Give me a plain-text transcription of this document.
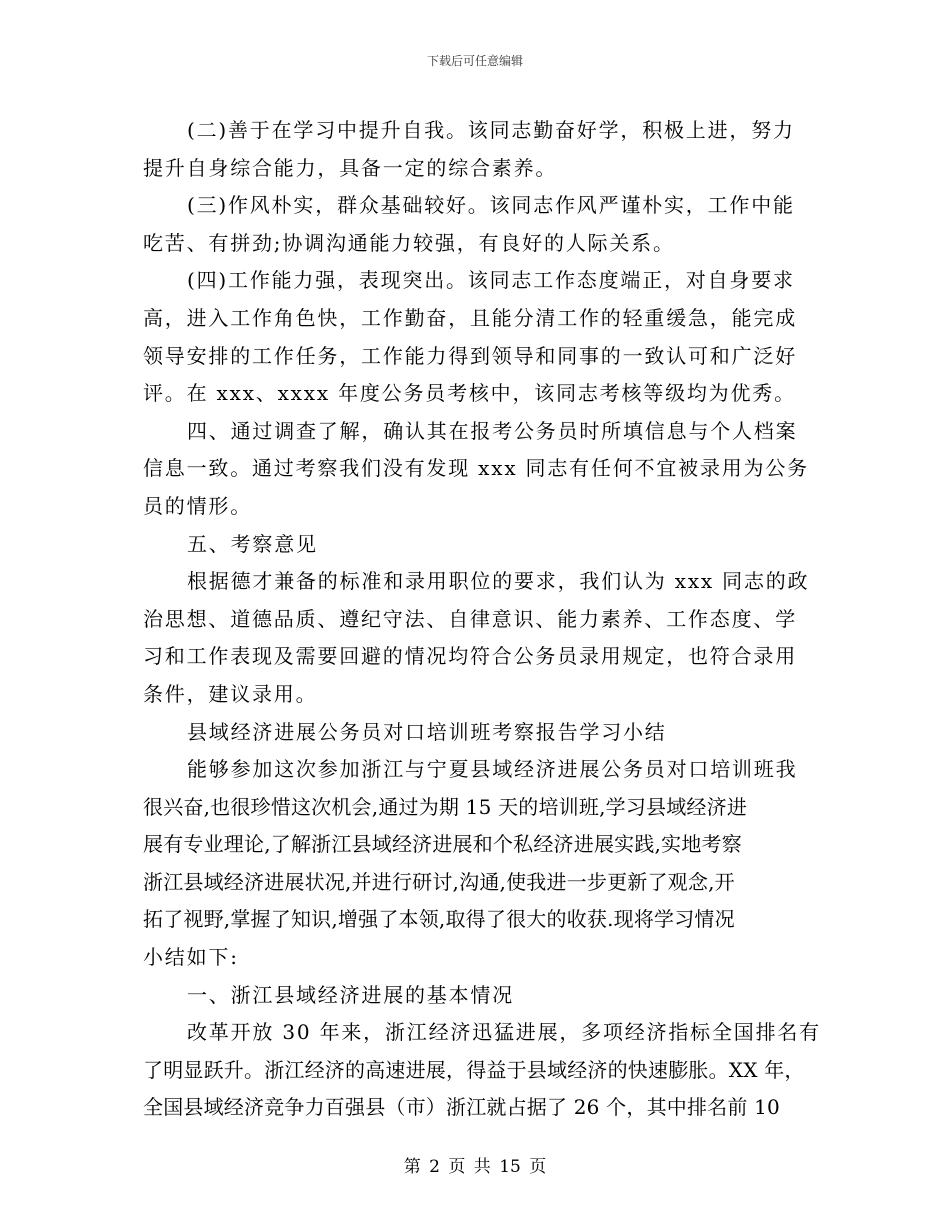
下载后可任意编辑
(二)善于在学习中提升自我。该同志勤奋好学，积极上进，努力
提升自身综合能力，具备一定的综合素养。
(三)作风朴实，群众基础较好。该同志作风严谨朴实，工作中能
吃苦、有拼劲;协调沟通能力较强，有良好的人际关系。
(四)工作能力强，表现突出。该同志工作态度端正，对自身要求
高，进入工作角色快，工作勤奋，且能分清工作的轻重缓急，能完成
领导安排的工作任务，工作能力得到领导和同事的一致认可和广泛好
评。在 xxx、xxxx 年度公务员考核中，该同志考核等级均为优秀。
四、通过调查了解，确认其在报考公务员时所填信息与个人档案
信息一致。通过考察我们没有发现 xxx 同志有任何不宜被录用为公务
员的情形。
五、考察意见
根据德才兼备的标准和录用职位的要求，我们认为 xxx 同志的政
治思想、道德品质、遵纪守法、自律意识、能力素养、工作态度、学
习和工作表现及需要回避的情况均符合公务员录用规定，也符合录用
条件，建议录用。
县域经济进展公务员对口培训班考察报告学习小结
能够参加这次参加浙江与宁夏县域经济进展公务员对口培训班我
很兴奋,也很珍惜这次机会,通过为期 15 天的培训班,学习县域经济进
展有专业理论,了解浙江县域经济进展和个私经济进展实践,实地考察
浙江县域经济进展状况,并进行研讨,沟通,使我进一步更新了观念,开
拓了视野,掌握了知识,增强了本领,取得了很大的收获.现将学习情况
小结如下:
一、浙江县域经济进展的基本情况
改革开放 30 年来，浙江经济迅猛进展，多项经济指标全国排名有
了明显跃升。浙江经济的高速进展，得益于县域经济的快速膨胀。XX 年，
全国县域经济竞争力百强县（市）浙江就占据了 26 个，其中排名前 10
第 2 页 共 15 页
